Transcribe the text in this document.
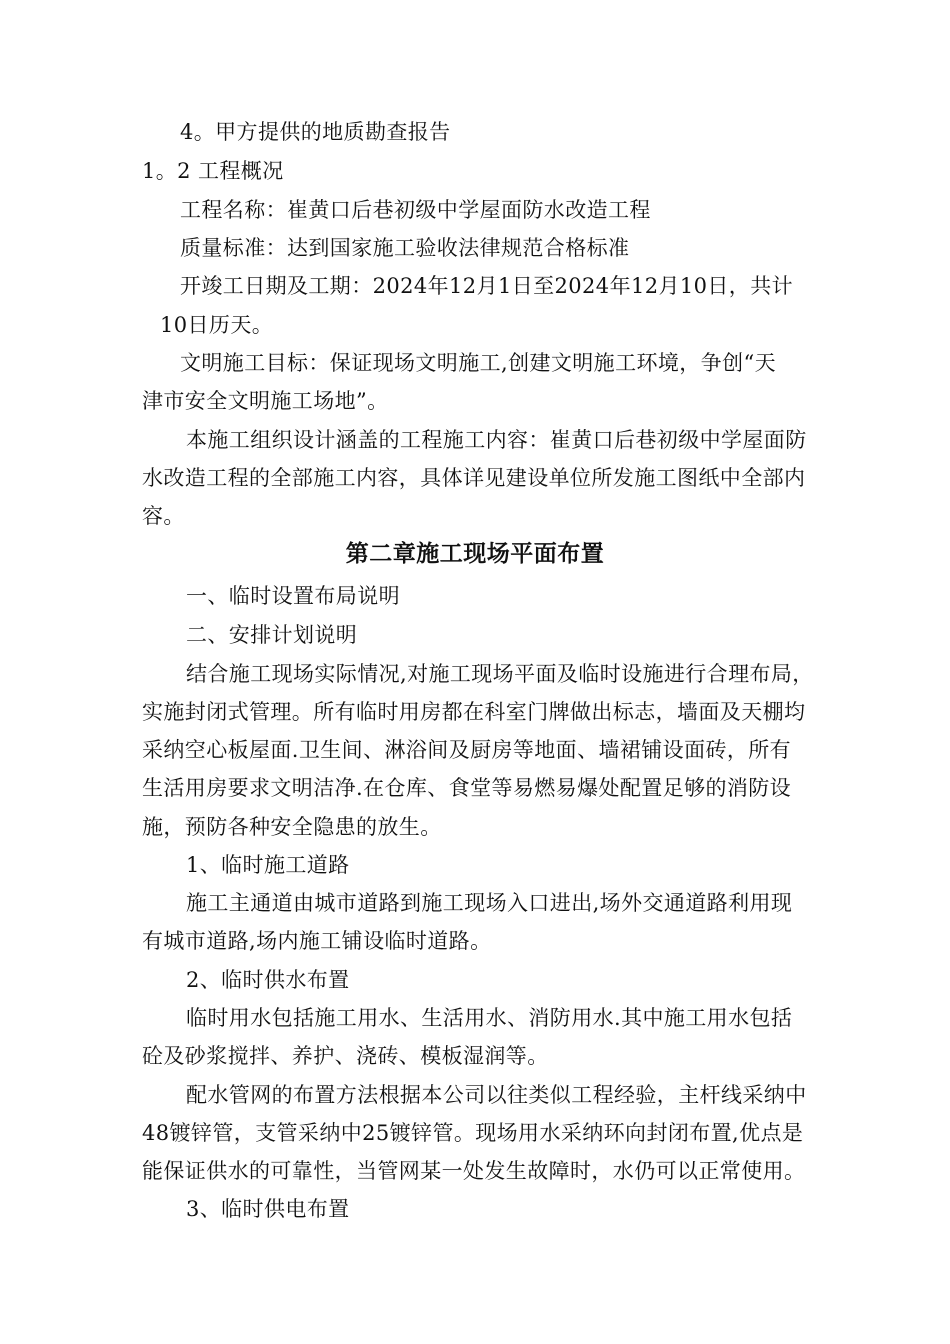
4。甲方提供的地质勘查报告
1。2 工程概况
工程名称：崔黄口后巷初级中学屋面防水改造工程
质量标准：达到国家施工验收法律规范合格标准
开竣工日期及工期：2024年12月1日至2024年12月10日，共计
10日历天。
文明施工目标：保证现场文明施工,创建文明施工环境，争创“天
津市安全文明施工场地”。
本施工组织设计涵盖的工程施工内容：崔黄口后巷初级中学屋面防
水改造工程的全部施工内容，具体详见建设单位所发施工图纸中全部内
容。
第二章施工现场平面布置
一、临时设置布局说明
二、安排计划说明
结合施工现场实际情况,对施工现场平面及临时设施进行合理布局，
实施封闭式管理。所有临时用房都在科室门牌做出标志，墙面及天棚均
采纳空心板屋面.卫生间、淋浴间及厨房等地面、墙裙铺设面砖，所有
生活用房要求文明洁净.在仓库、食堂等易燃易爆处配置足够的消防设
施，预防各种安全隐患的放生。
1、临时施工道路
施工主通道由城市道路到施工现场入口进出,场外交通道路利用现
有城市道路,场内施工铺设临时道路。
2、临时供水布置
临时用水包括施工用水、生活用水、消防用水.其中施工用水包括
砼及砂浆搅拌、养护、浇砖、模板湿润等。
配水管网的布置方法根据本公司以往类似工程经验，主杆线采纳中
48镀锌管，支管采纳中25镀锌管。现场用水采纳环向封闭布置,优点是
能保证供水的可靠性，当管网某一处发生故障时，水仍可以正常使用。
3、临时供电布置
